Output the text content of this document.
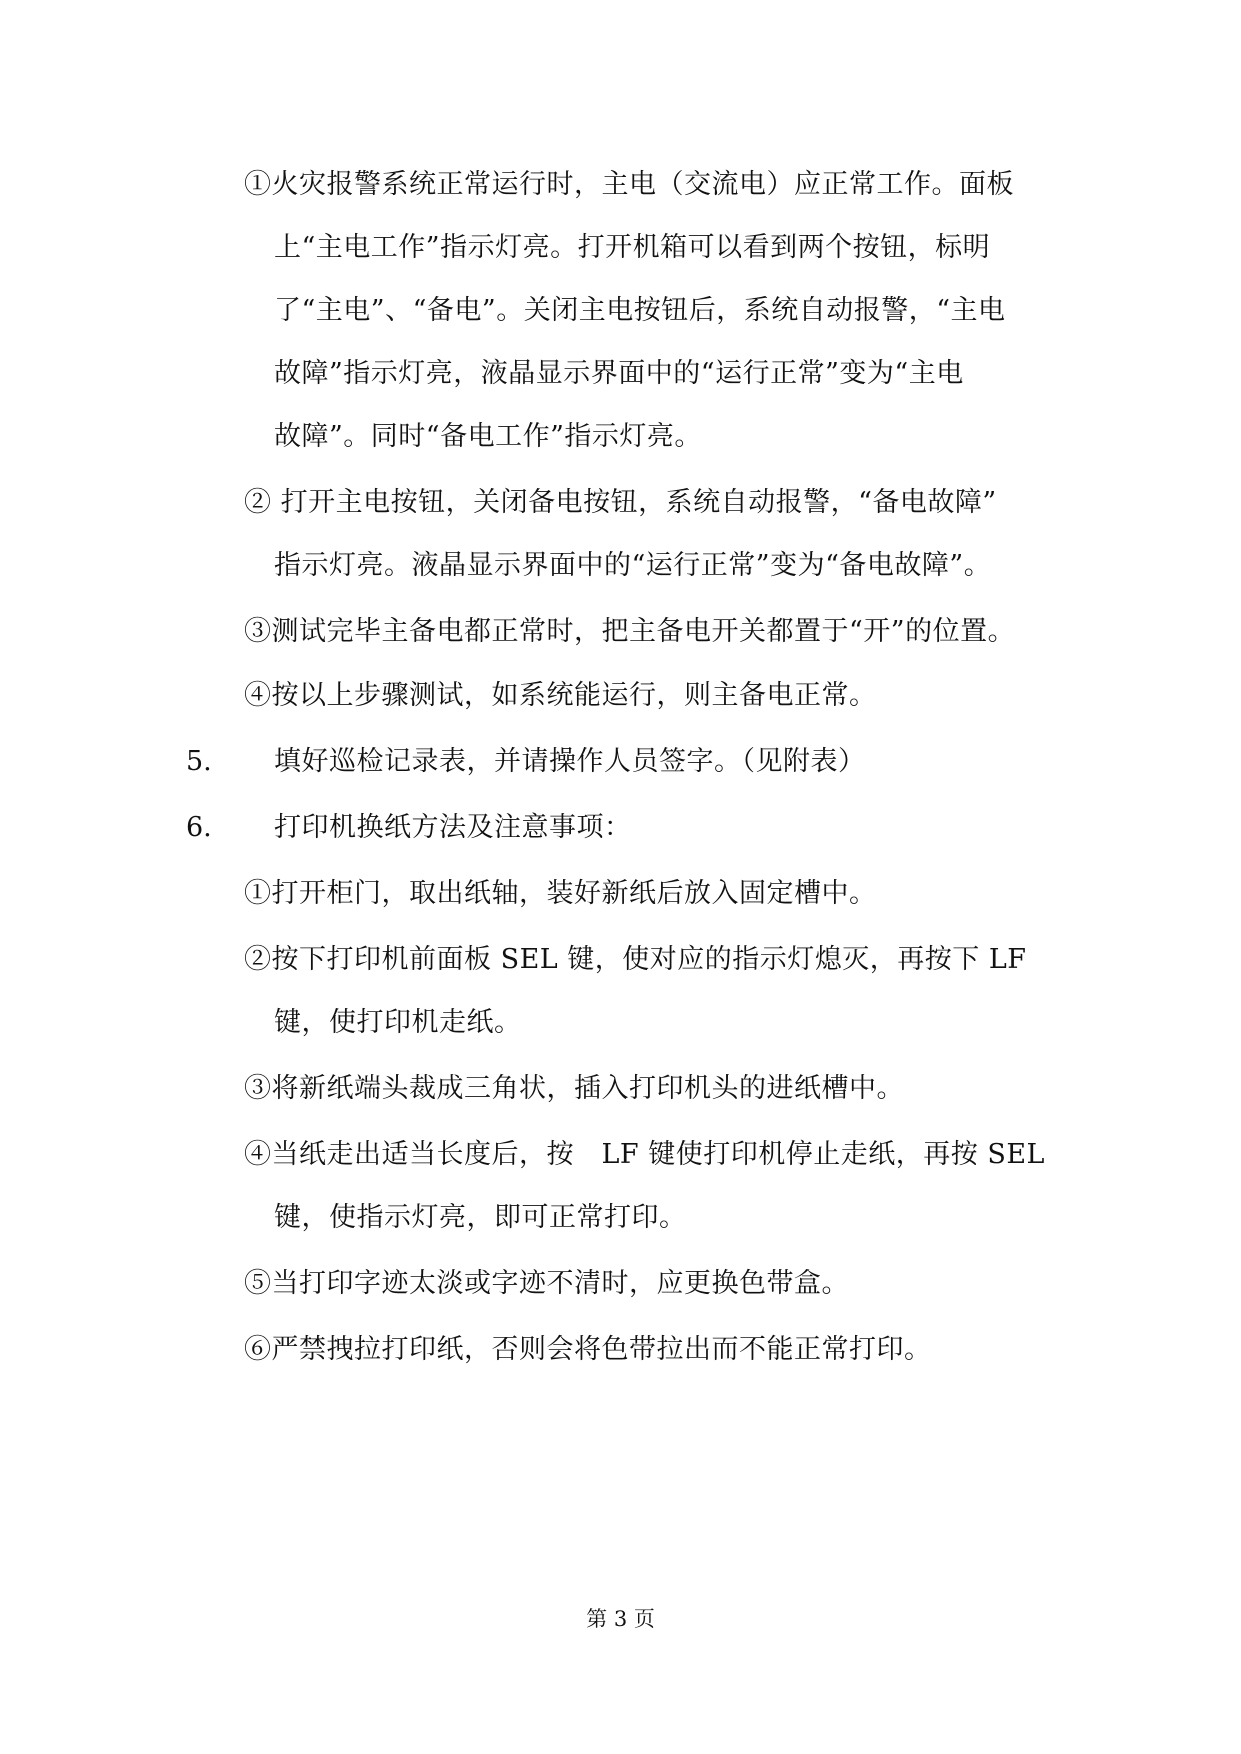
①火灾报警系统正常运行时，主电（交流电）应正常工作。面板
上“主电工作”指示灯亮。打开机箱可以看到两个按钮，标明
了“主电”、“备电”。关闭主电按钮后，系统自动报警，“主电
故障”指示灯亮，液晶显示界面中的“运行正常”变为“主电
故障”。同时“备电工作”指示灯亮。
② 打开主电按钮，关闭备电按钮，系统自动报警，“备电故障”
指示灯亮。液晶显示界面中的“运行正常”变为“备电故障”。
③测试完毕主备电都正常时，把主备电开关都置于“开”的位置。
④按以上步骤测试，如系统能运行，则主备电正常。
5. 填好巡检记录表，并请操作人员签字。（见附表）
6. 打印机换纸方法及注意事项：
①打开柜门，取出纸轴，装好新纸后放入固定槽中。
②按下打印机前面板 SEL 键，使对应的指示灯熄灭，再按下 LF
键，使打印机走纸。
③将新纸端头裁成三角状，插入打印机头的进纸槽中。
④当纸走出适当长度后，按　LF 键使打印机停止走纸，再按 SEL
键，使指示灯亮，即可正常打印。
⑤当打印字迹太淡或字迹不清时，应更换色带盒。
⑥严禁拽拉打印纸，否则会将色带拉出而不能正常打印。
第 3 页
